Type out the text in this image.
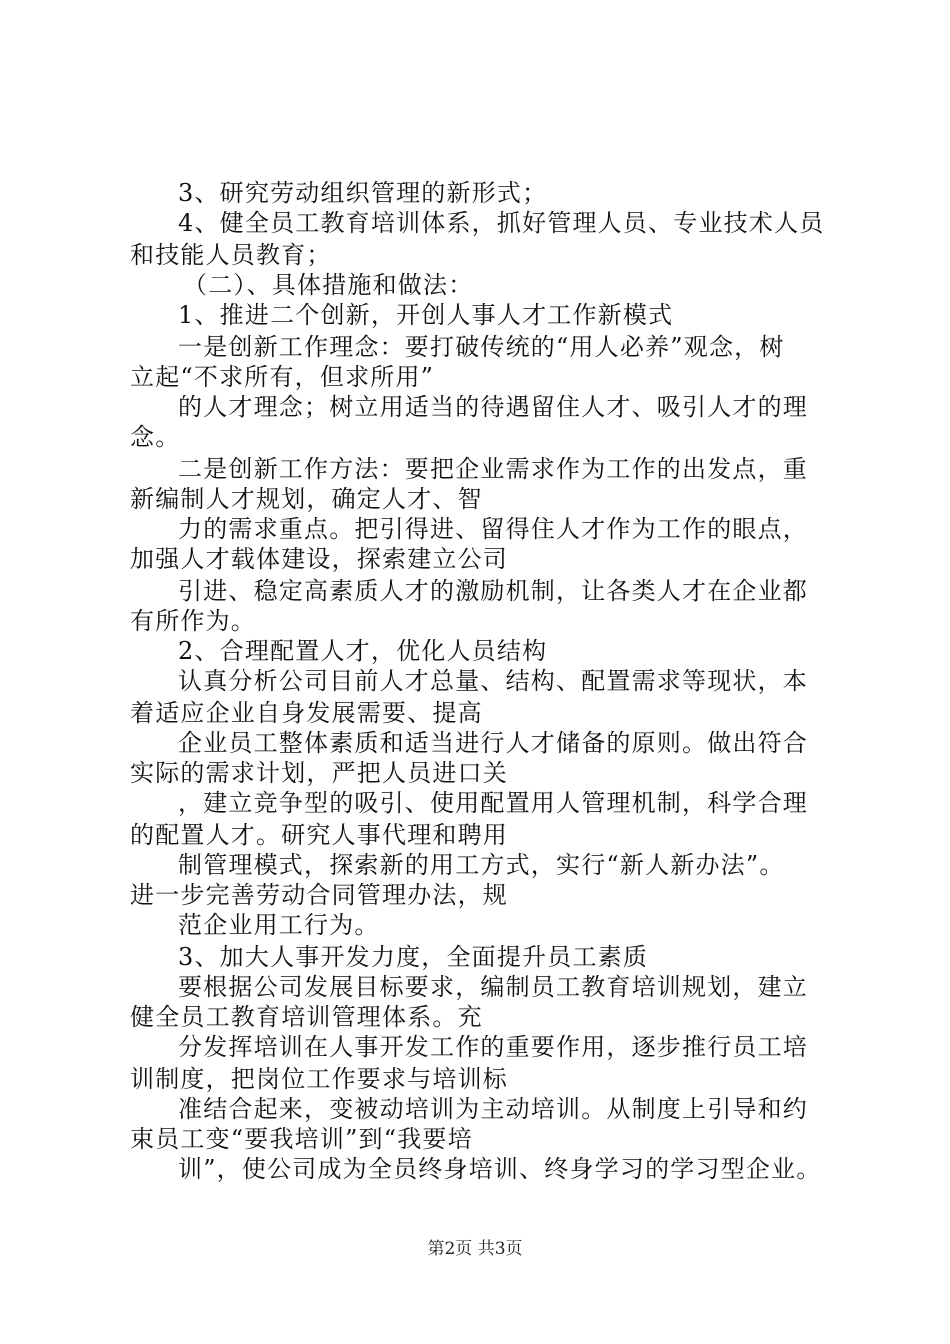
3、研究劳动组织管理的新形式；
4、健全员工教育培训体系，抓好管理人员、专业技术人员
和技能人员教育；
（二）、具体措施和做法：
1、推进二个创新，开创人事人才工作新模式
一是创新工作理念：要打破传统的“用人必养”观念，树
立起“不求所有，但求所用”
的人才理念；树立用适当的待遇留住人才、吸引人才的理
念。
二是创新工作方法：要把企业需求作为工作的出发点，重
新编制人才规划，确定人才、智
力的需求重点。把引得进、留得住人才作为工作的眼点，
加强人才载体建设，探索建立公司
引进、稳定高素质人才的激励机制，让各类人才在企业都
有所作为。
2、合理配置人才，优化人员结构
认真分析公司目前人才总量、结构、配置需求等现状，本
着适应企业自身发展需要、提高
企业员工整体素质和适当进行人才储备的原则。做出符合
实际的需求计划，严把人员进口关
，建立竞争型的吸引、使用配置用人管理机制，科学合理
的配置人才。研究人事代理和聘用
制管理模式，探索新的用工方式，实行“新人新办法”。
进一步完善劳动合同管理办法，规
范企业用工行为。
3、加大人事开发力度，全面提升员工素质
要根据公司发展目标要求，编制员工教育培训规划，建立
健全员工教育培训管理体系。充
分发挥培训在人事开发工作的重要作用，逐步推行员工培
训制度，把岗位工作要求与培训标
准结合起来，变被动培训为主动培训。从制度上引导和约
束员工变“要我培训”到“我要培
训”，使公司成为全员终身培训、终身学习的学习型企业。
第2页 共3页
